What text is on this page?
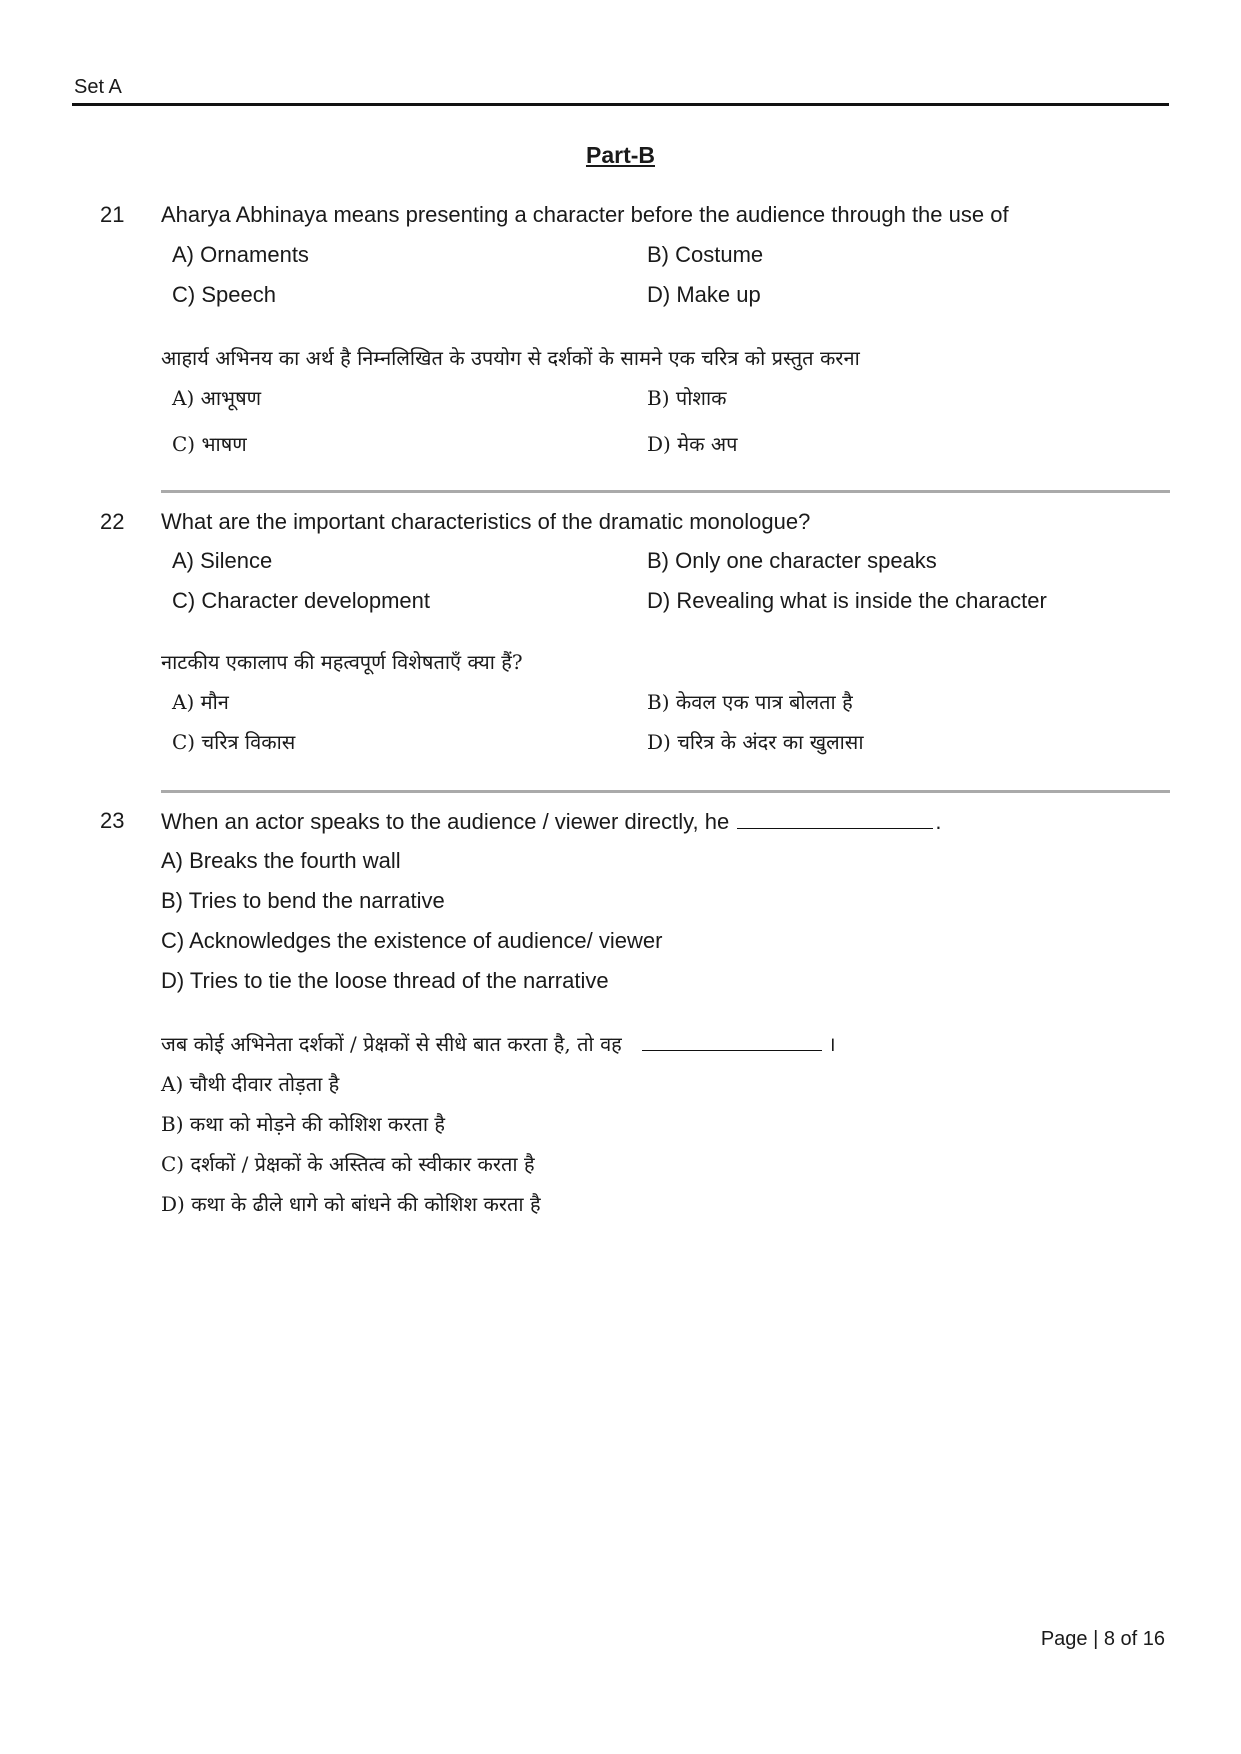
Set A
Part-B
21 Aharya Abhinaya means presenting a character before the audience through the use of
A) Ornaments	B) Costume
C) Speech	D) Make up
आहार्य अभिनय का अर्थ है निम्नलिखित के उपयोग से दर्शकों के सामने एक चरित्र को प्रस्तुत करना
A) आभूषण	B) पोशाक
C) भाषण	D) मेक अप
22 What are the important characteristics of the dramatic monologue?
A) Silence	B) Only one character speaks
C) Character development	D) Revealing what is inside the character
नाटकीय एकालाप की महत्वपूर्ण विशेषताएँ क्या हैं?
A) मौन	B) केवल एक पात्र बोलता है
C) चरित्र विकास	D) चरित्र के अंदर का खुलासा
23 When an actor speaks to the audience / viewer directly, he	.
A) Breaks the fourth wall
B) Tries to bend the narrative
C) Acknowledges the existence of audience/ viewer
D) Tries to tie the loose thread of the narrative
जब कोई अभिनेता दर्शकों / प्रेक्षकों से सीधे बात करता है, तो वह	।
A) चौथी दीवार तोड़ता है
B) कथा को मोड़ने की कोशिश करता है
C) दर्शकों / प्रेक्षकों के अस्तित्व को स्वीकार करता है
D) कथा के ढीले धागे को बांधने की कोशिश करता है
Page | 8 of 16
